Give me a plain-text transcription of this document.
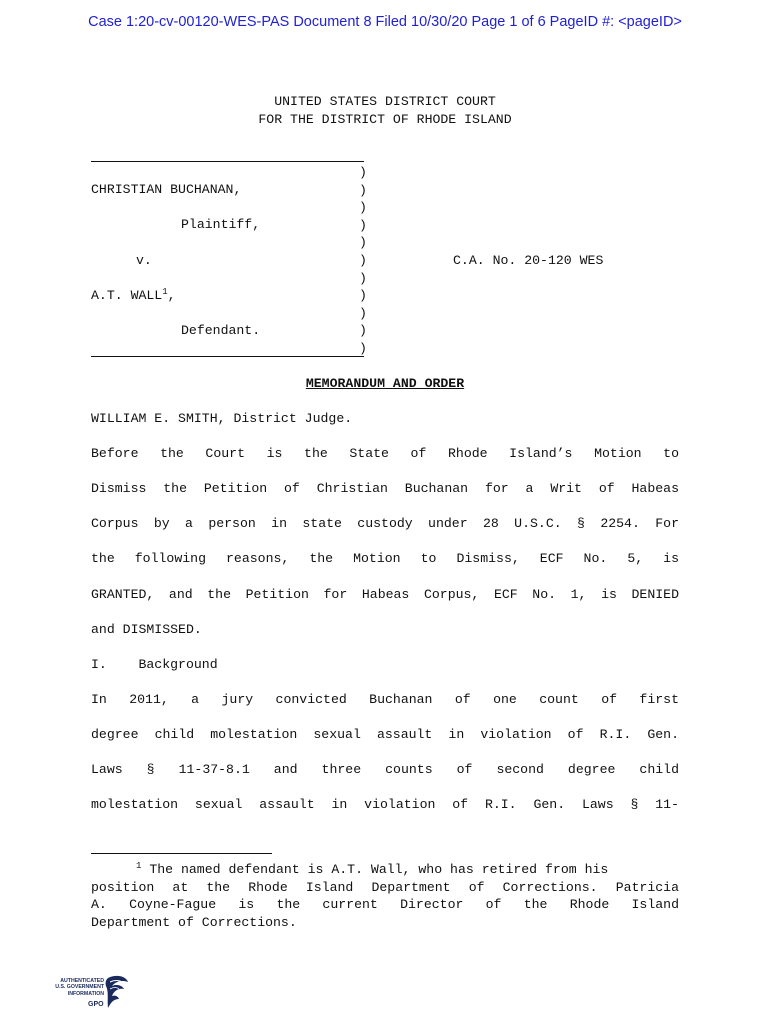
Case 1:20-cv-00120-WES-PAS Document 8 Filed 10/30/20 Page 1 of 6 PageID #: <pageID>
UNITED STATES DISTRICT COURT
FOR THE DISTRICT OF RHODE ISLAND
)
)
)
)
)
)
)
)
)
)
)
CHRISTIAN BUCHANAN,
Plaintiff,
v.	C.A. No. 20-120 WES
A.T. WALL$^1$,
Defendant.
MEMORANDUM AND ORDER
WILLIAM E. SMITH, District Judge.
Before the Court is the State of Rhode Island’s Motion to
Dismiss the Petition of Christian Buchanan for a Writ of Habeas
Corpus by a person in state custody under 28 U.S.C. § 2254. For
the following reasons, the Motion to Dismiss, ECF No. 5, is
GRANTED, and the Petition for Habeas Corpus, ECF No. 1, is DENIED
and DISMISSED.
I.    Background
In 2011, a jury convicted Buchanan of one count of first
degree child molestation sexual assault in violation of R.I. Gen.
Laws § 11-37-8.1 and three counts of second degree child
molestation sexual assault in violation of R.I. Gen. Laws § 11-
$^1$ The named defendant is A.T. Wall, who has retired from his
position at the Rhode Island Department of Corrections. Patricia
A. Coyne-Fague is the current Director of the Rhode Island
Department of Corrections.
AUTHENTICATED
U.S. GOVERNMENT
INFORMATION
GPO
